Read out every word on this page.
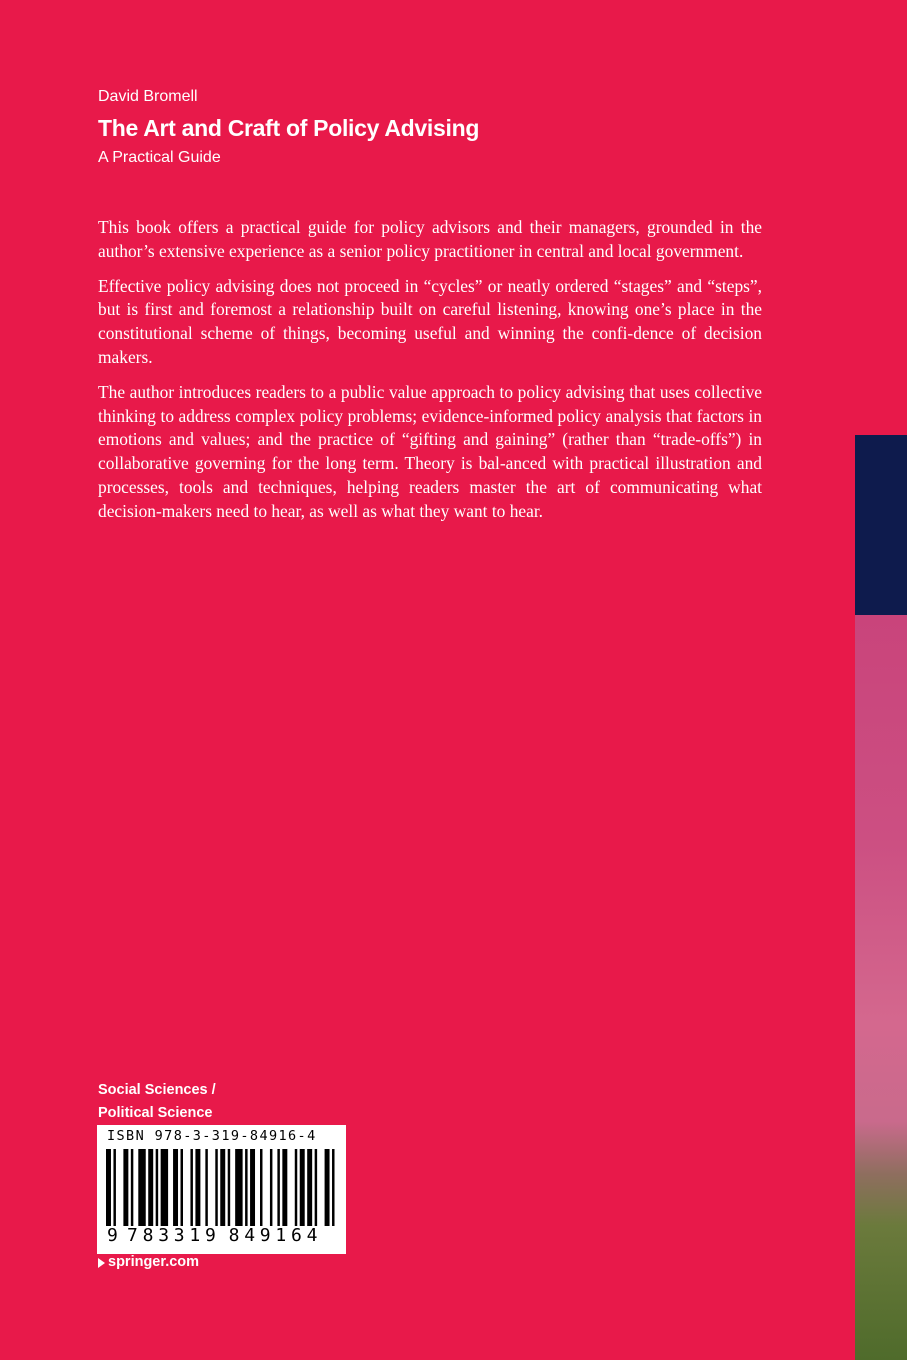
David Bromell
The Art and Craft of Policy Advising
A Practical Guide

This book offers a practical guide for policy advisors and their managers, grounded in the author’s extensive experience as a senior policy practitioner in central and local government.

Effective policy advising does not proceed in “cycles” or neatly ordered “stages” and “steps”, but is first and foremost a relationship built on careful listening, knowing one’s place in the constitutional scheme of things, becoming useful and winning the confi-dence of decision makers.

The author introduces readers to a public value approach to policy advising that uses collective thinking to address complex policy problems; evidence-informed policy analysis that factors in emotions and values; and the practice of “gifting and gaining” (rather than “trade-offs”) in collaborative governing for the long term. Theory is bal-anced with practical illustration and processes, tools and techniques, helping readers master the art of communicating what decision-makers need to hear, as well as what they want to hear.

Social Sciences /
Political Science
ISBN 978-3-319-84916-4
9 7 8 3 3 1 9 8 4 9 1 6 4
springer.com
